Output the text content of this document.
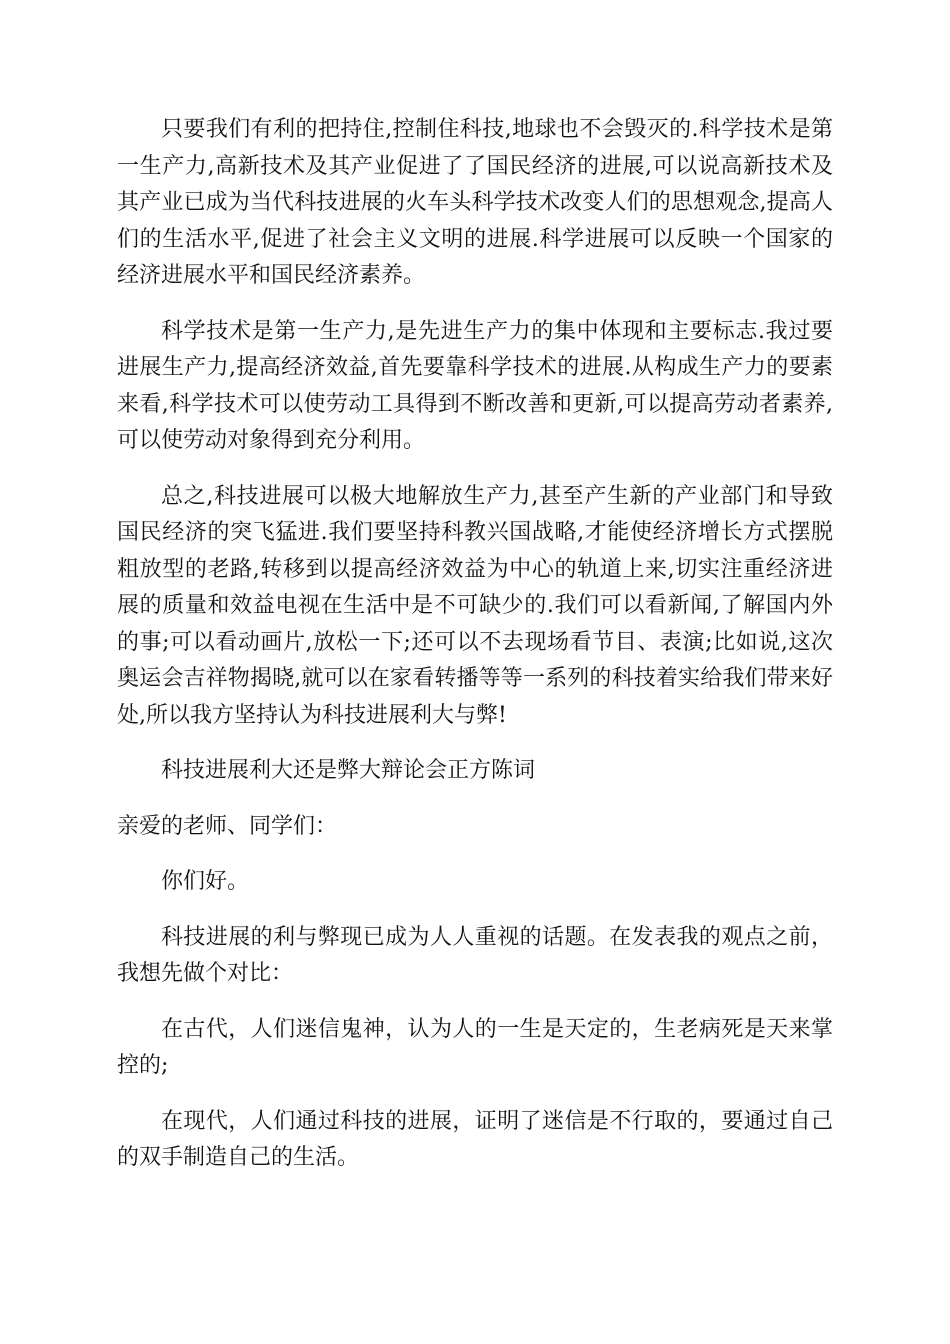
只要我们有利的把持住,控制住科技,地球也不会毁灭的.科学技术是第一生产力,高新技术及其产业促进了了国民经济的进展,可以说高新技术及其产业已成为当代科技进展的火车头科学技术改变人们的思想观念,提高人们的生活水平,促进了社会主义文明的进展.科学进展可以反映一个国家的经济进展水平和国民经济素养。

科学技术是第一生产力,是先进生产力的集中体现和主要标志.我过要进展生产力,提高经济效益,首先要靠科学技术的进展.从构成生产力的要素来看,科学技术可以使劳动工具得到不断改善和更新,可以提高劳动者素养,可以使劳动对象得到充分利用。

总之,科技进展可以极大地解放生产力,甚至产生新的产业部门和导致国民经济的突飞猛进.我们要坚持科教兴国战略,才能使经济增长方式摆脱粗放型的老路,转移到以提高经济效益为中心的轨道上来,切实注重经济进展的质量和效益电视在生活中是不可缺少的.我们可以看新闻,了解国内外的事;可以看动画片,放松一下;还可以不去现场看节目、表演;比如说,这次奥运会吉祥物揭晓,就可以在家看转播等等一系列的科技着实给我们带来好处,所以我方坚持认为科技进展利大与弊!

科技进展利大还是弊大辩论会正方陈词

亲爱的老师、同学们：

你们好。

科技进展的利与弊现已成为人人重视的话题。在发表我的观点之前，我想先做个对比：

在古代，人们迷信鬼神，认为人的一生是天定的，生老病死是天来掌控的;

在现代，人们通过科技的进展，证明了迷信是不行取的，要通过自己的双手制造自己的生活。
